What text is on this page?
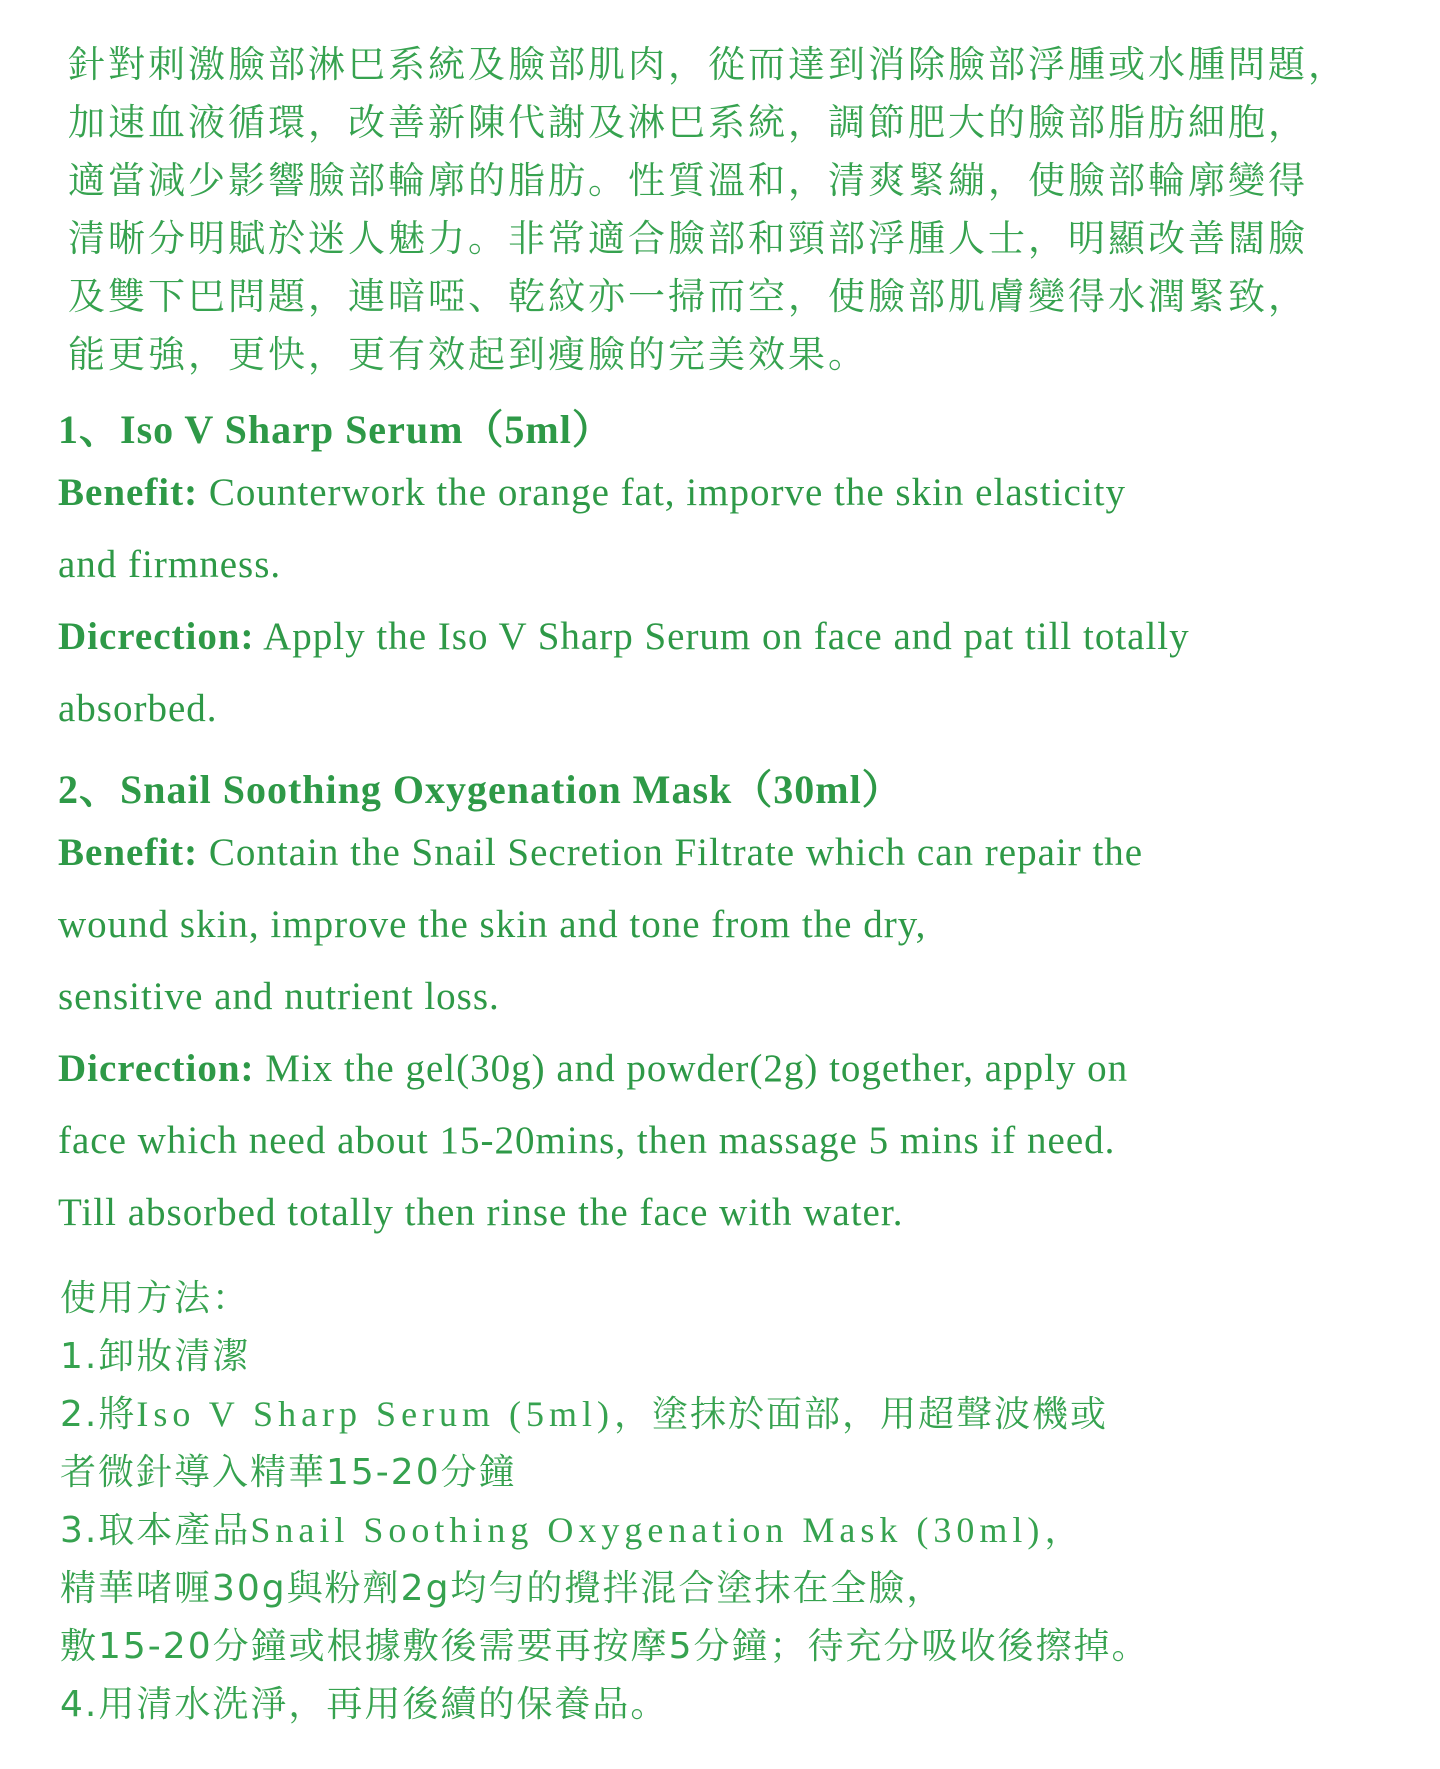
針對刺激臉部淋巴系統及臉部肌肉，從而達到消除臉部浮腫或水腫問題，
加速血液循環，改善新陳代謝及淋巴系統，調節肥大的臉部脂肪細胞，
適當減少影響臉部輪廓的脂肪。性質溫和，清爽緊繃，使臉部輪廓變得
清晰分明賦於迷人魅力。非常適合臉部和頸部浮腫人士，明顯改善闊臉
及雙下巴問題，連暗啞、乾紋亦一掃而空，使臉部肌膚變得水潤緊致，
能更強，更快，更有效起到瘦臉的完美效果。

1、Iso V Sharp Serum（5ml）
Benefit: Counterwork the orange fat, imporve the skin elasticity
and firmness.
Dicrection: Apply the Iso V Sharp Serum on face and pat till totally
absorbed.
2、Snail Soothing Oxygenation Mask（30ml）
Benefit: Contain the Snail Secretion Filtrate which can repair the
wound skin, improve the skin and tone from the dry,
sensitive and nutrient loss.
Dicrection: Mix the gel(30g) and powder(2g) together, apply on
face which need about 15-20mins, then massage 5 mins if need.
Till absorbed totally then rinse the face with water.
使用方法：
1.卸妝清潔
2.將Iso V Sharp Serum (5ml)，塗抹於面部，用超聲波機或
者微針導入精華15-20分鐘
3.取本產品Snail Soothing Oxygenation Mask (30ml)，
精華啫喱30g與粉劑2g均勻的攪拌混合塗抹在全臉，
敷15-20分鐘或根據敷後需要再按摩5分鐘；待充分吸收後擦掉。
4.用清水洗淨，再用後續的保養品。
